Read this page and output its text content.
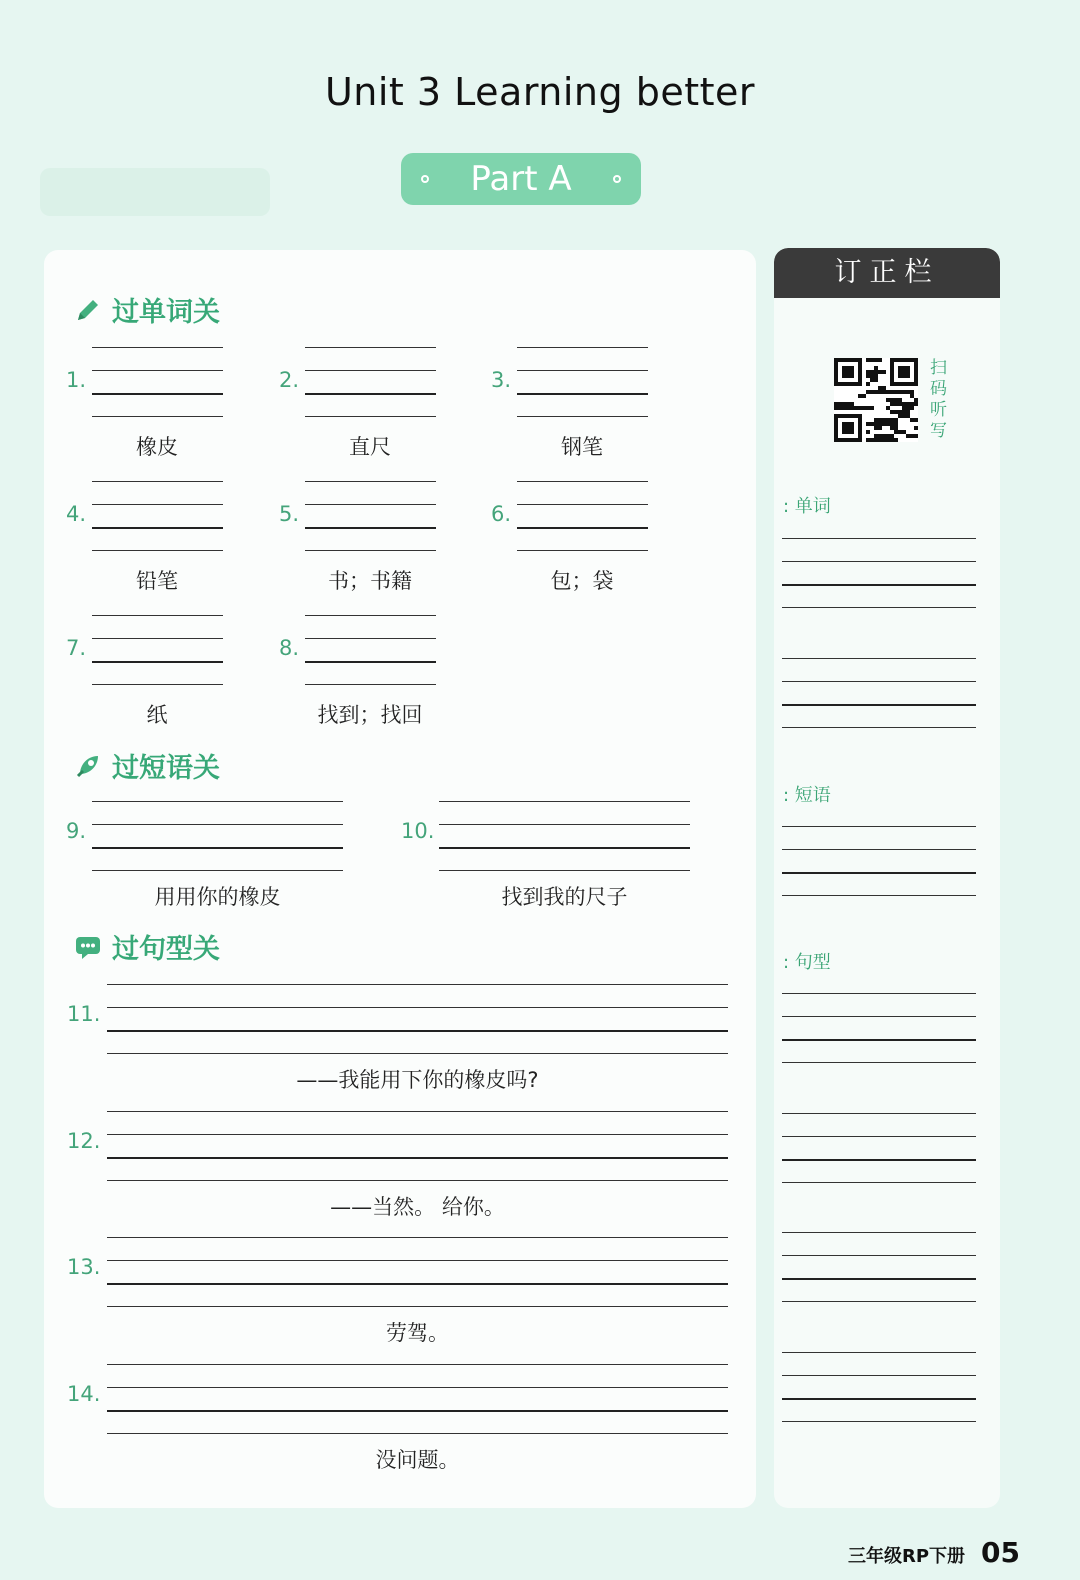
Unit 3 Learning better
Part A
订正栏
过单词关
过短语关
过句型关
1.
橡皮
2.
直尺
3.
钢笔
4.
铅笔
5.
书；书籍
6.
包；袋
7.
纸
8.
找到；找回
9.
用用你的橡皮
10.
找到我的尺子
11.
——我能用下你的橡皮吗?
12.
——当然。 给你。
13.
劳驾。
14.
没问题。
扫
码
听
写
: 单词
: 短语
: 句型
三年级RP下册 05
